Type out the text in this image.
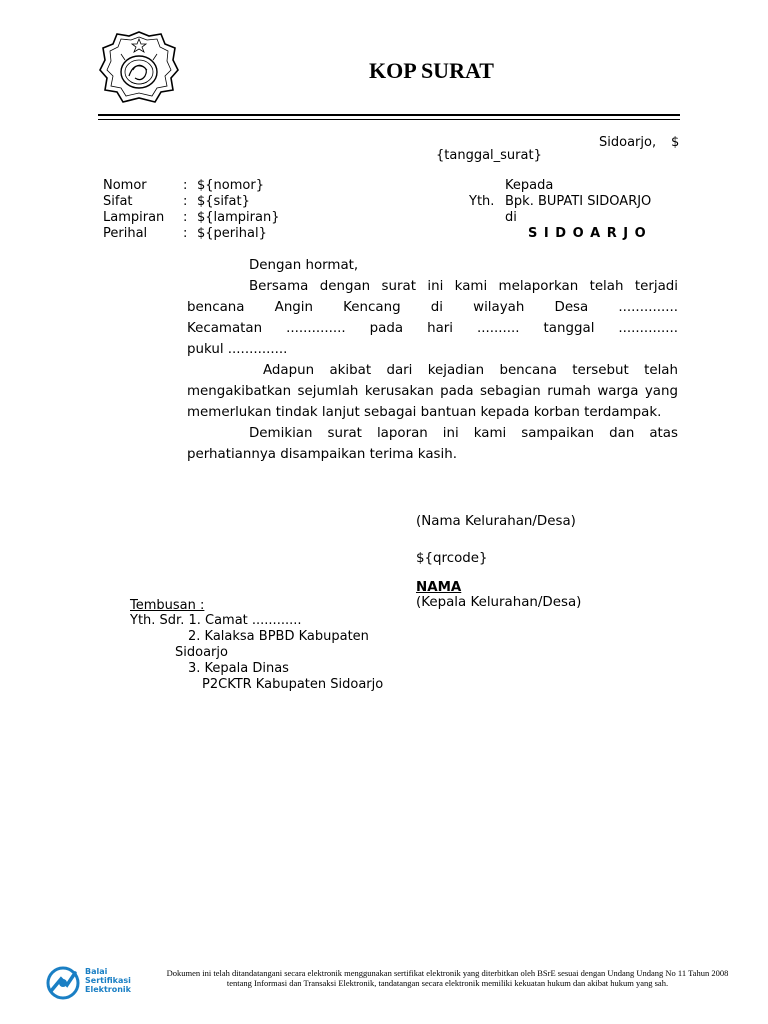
KOP SURAT
Sidoarjo, $
{tanggal_surat}
Nomor	: ${nomor}
Sifat	: ${sifat}
Lampiran : ${lampiran}
Perihal	: ${perihal}
Kepada
Yth. Bpk. BUPATI SIDOARJO
di
S I D O A R J O
Dengan hormat,
Bersama dengan surat ini kami melaporkan telah terjadi
bencana Angin Kencang di wilayah Desa ..............
Kecamatan .............. pada hari .......... tanggal ..............
pukul ..............
Adapun akibat dari kejadian bencana tersebut telah
mengakibatkan sejumlah kerusakan pada sebagian rumah warga yang
memerlukan tindak lanjut sebagai bantuan kepada korban terdampak.
Demikian surat laporan ini kami sampaikan dan atas
perhatiannya disampaikan terima kasih.
(Nama Kelurahan/Desa)
${qrcode}
NAMA
(Kepala Kelurahan/Desa)
Tembusan :
Yth. Sdr. 1. Camat ............
2. Kalaksa BPBD Kabupaten
Sidoarjo
3. Kepala Dinas
P2CKTR Kabupaten Sidoarjo
Balai
Sertifikasi
Elektronik
Dokumen ini telah ditandatangani secara elektronik menggunakan sertifikat elektronik yang diterbitkan oleh BSrE sesuai dengan Undang Undang No 11 Tahun 2008 tentang Informasi dan Transaksi Elektronik, tandatangan secara elektronik memiliki kekuatan hukum dan akibat hukum yang sah.
